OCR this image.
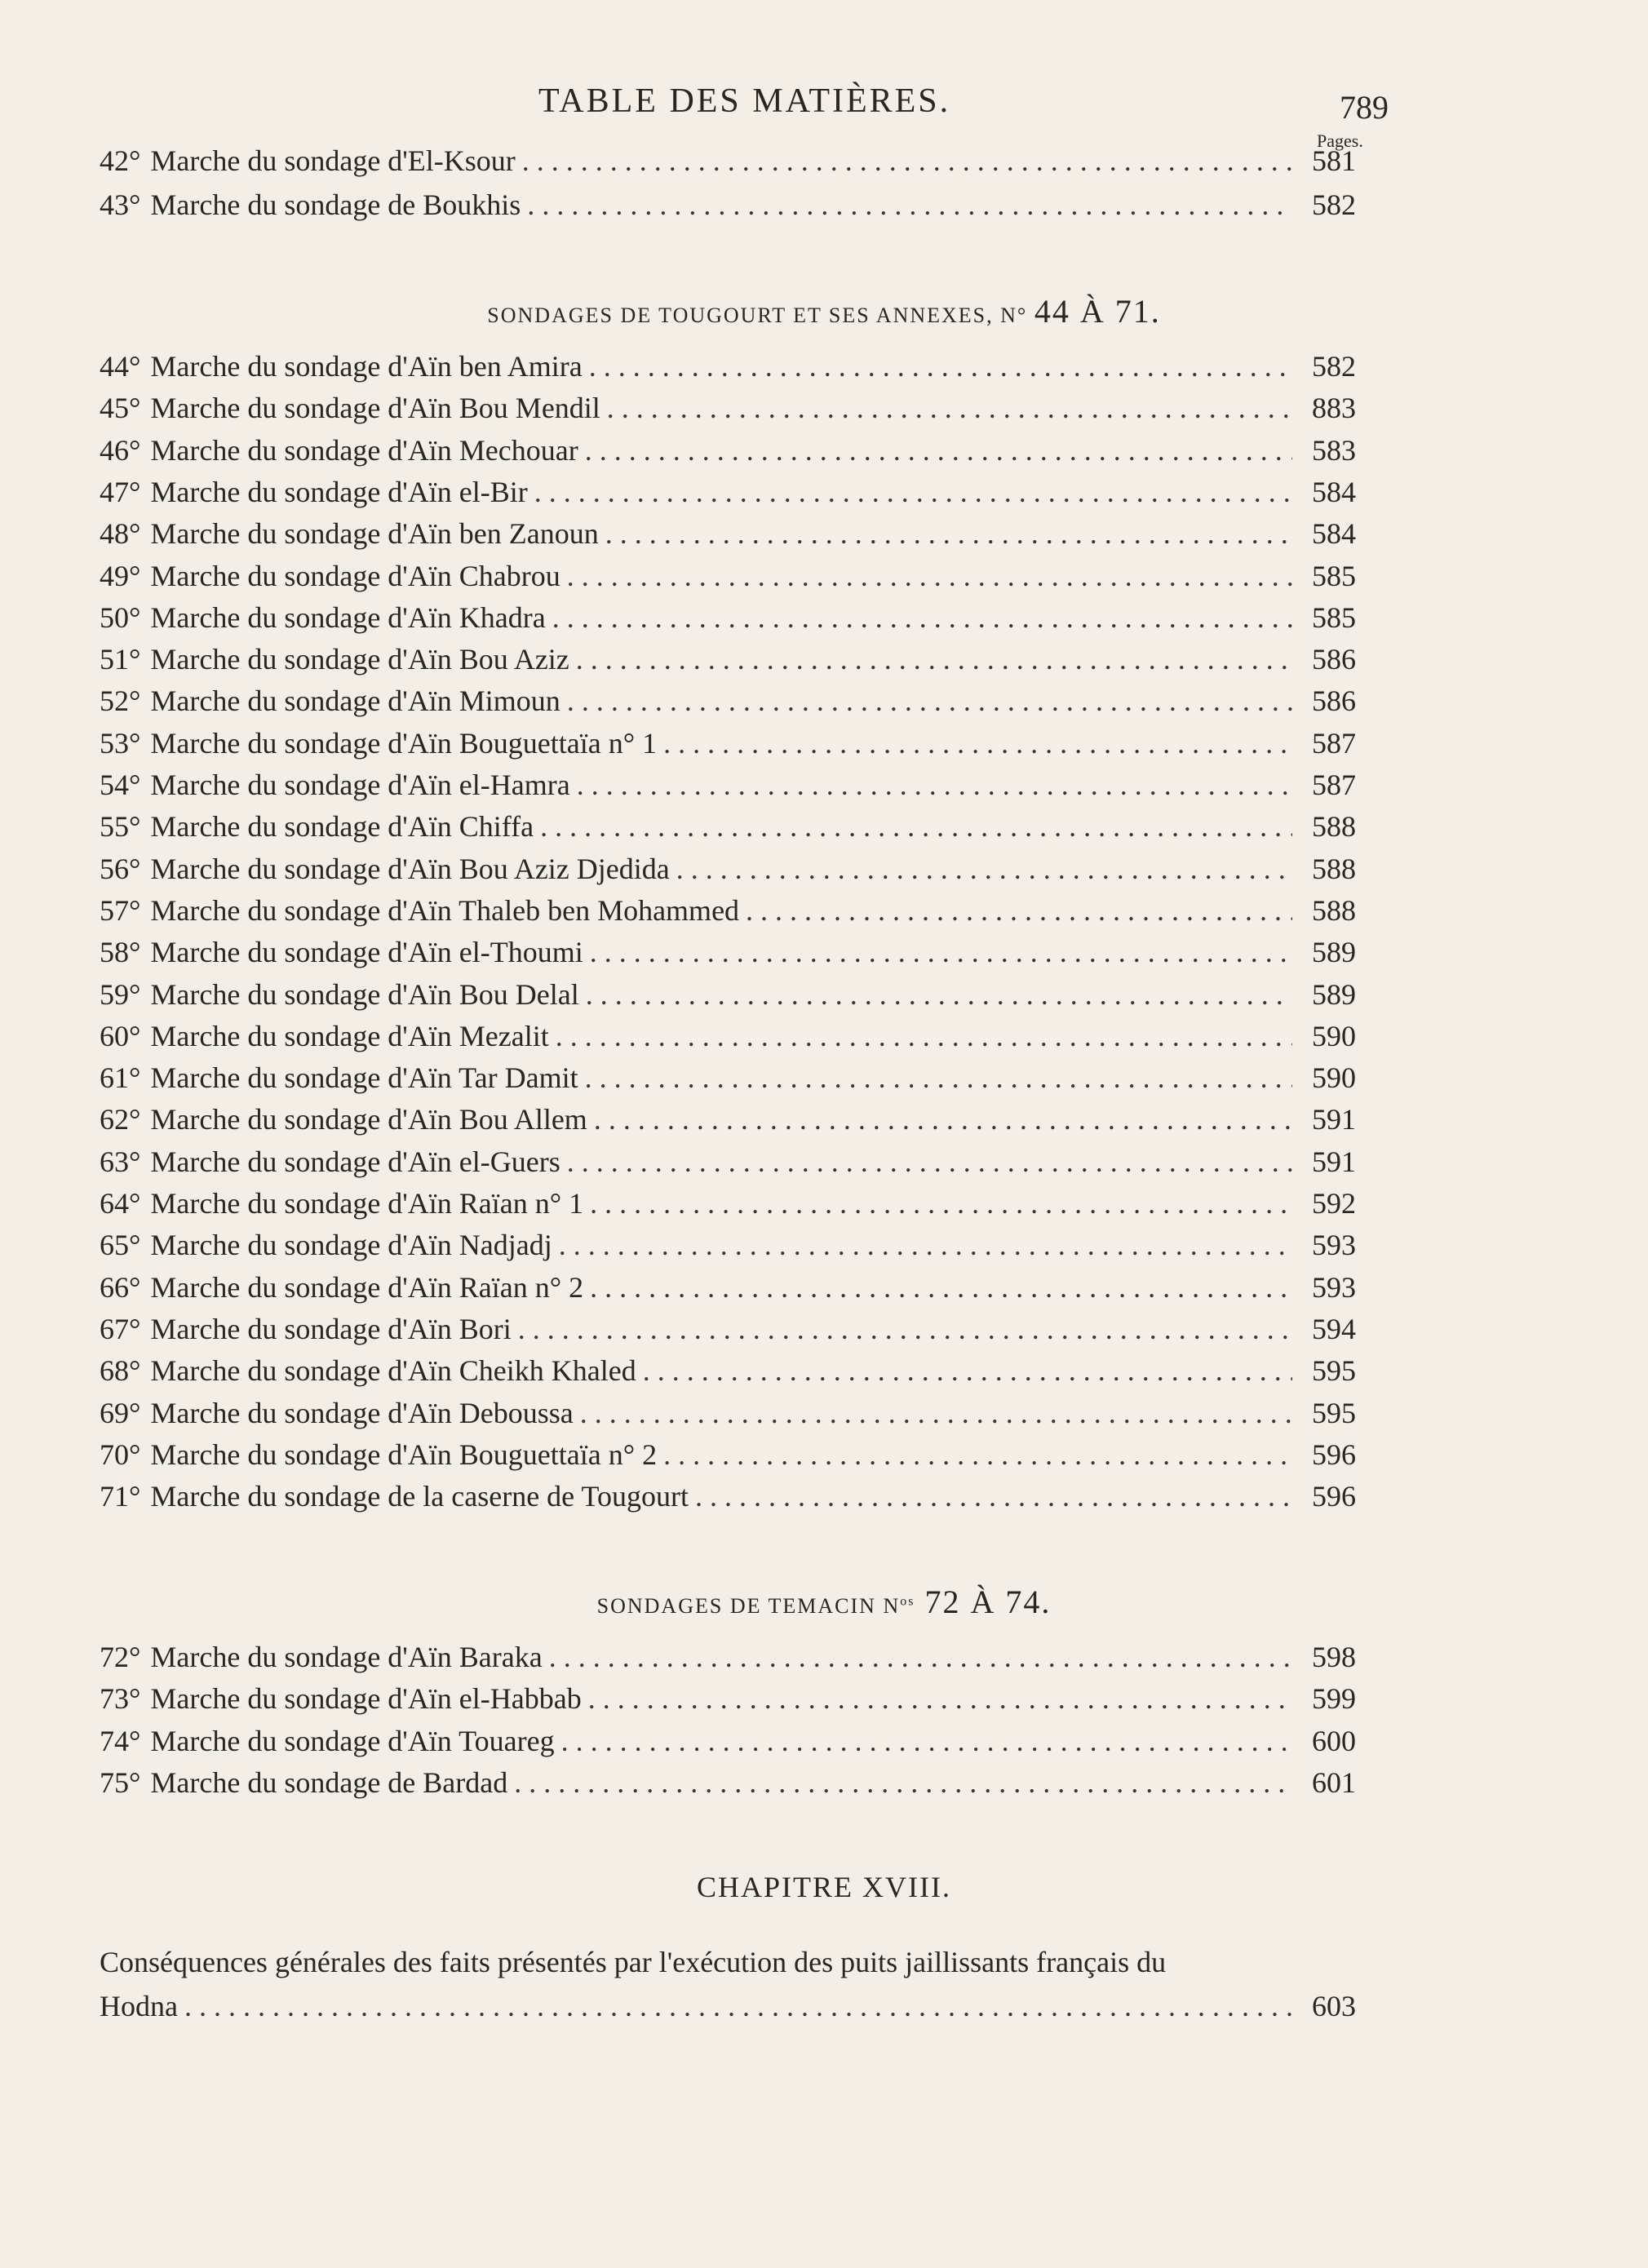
TABLE DES MATIÈRES.	789
Pages.
42° Marche du sondage d'El-Ksour . . .	581
43° Marche du sondage de Boukhis . . .	582
SONDAGES DE TOUGOURT ET SES ANNEXES, N° 44 À 71.
44° Marche du sondage d'Aïn ben Amira . . .	582
45° Marche du sondage d'Aïn Bou Mendil . . .	883
46° Marche du sondage d'Aïn Mechouar . . .	583
47° Marche du sondage d'Aïn el-Bir . . .	584
48° Marche du sondage d'Aïn ben Zanoun . . .	584
49° Marche du sondage d'Aïn Chabrou . . .	585
50° Marche du sondage d'Aïn Khadra . . .	585
51° Marche du sondage d'Aïn Bou Aziz . . .	586
52° Marche du sondage d'Aïn Mimoun . . .	586
53° Marche du sondage d'Aïn Bouguettaïa n° 1 . . .	587
54° Marche du sondage d'Aïn el-Hamra . . .	587
55° Marche du sondage d'Aïn Chiffa . . .	588
56° Marche du sondage d'Aïn Bou Aziz Djedida . . .	588
57° Marche du sondage d'Aïn Thaleb ben Mohammed . . .	588
58° Marche du sondage d'Aïn el-Thoumi . . .	589
59° Marche du sondage d'Aïn Bou Delal . . .	589
60° Marche du sondage d'Aïn Mezalit . . .	590
61° Marche du sondage d'Aïn Tar Damit . . .	590
62° Marche du sondage d'Aïn Bou Allem . . .	591
63° Marche du sondage d'Aïn el-Guers . . .	591
64° Marche du sondage d'Aïn Raïan n° 1 . . .	592
65° Marche du sondage d'Aïn Nadjadj . . .	593
66° Marche du sondage d'Aïn Raïan n° 2 . . .	593
67° Marche du sondage d'Aïn Bori . . .	594
68° Marche du sondage d'Aïn Cheikh Khaled . . .	595
69° Marche du sondage d'Aïn Deboussa . . .	595
70° Marche du sondage d'Aïn Bouguettaïa n° 2 . . .	596
71° Marche du sondage de la caserne de Tougourt . . .	596
SONDAGES DE TEMACIN $N^{os}$ 72 À 74.
72° Marche du sondage d'Aïn Baraka . . .	598
73° Marche du sondage d'Aïn el-Habbab . . .	599
74° Marche du sondage d'Aïn Touareg . . .	600
75° Marche du sondage de Bardad . . .	601
CHAPITRE XVIII.
Conséquences générales des faits présentés par l'exécution des puits jaillissants français du
Hodna . . .	603
